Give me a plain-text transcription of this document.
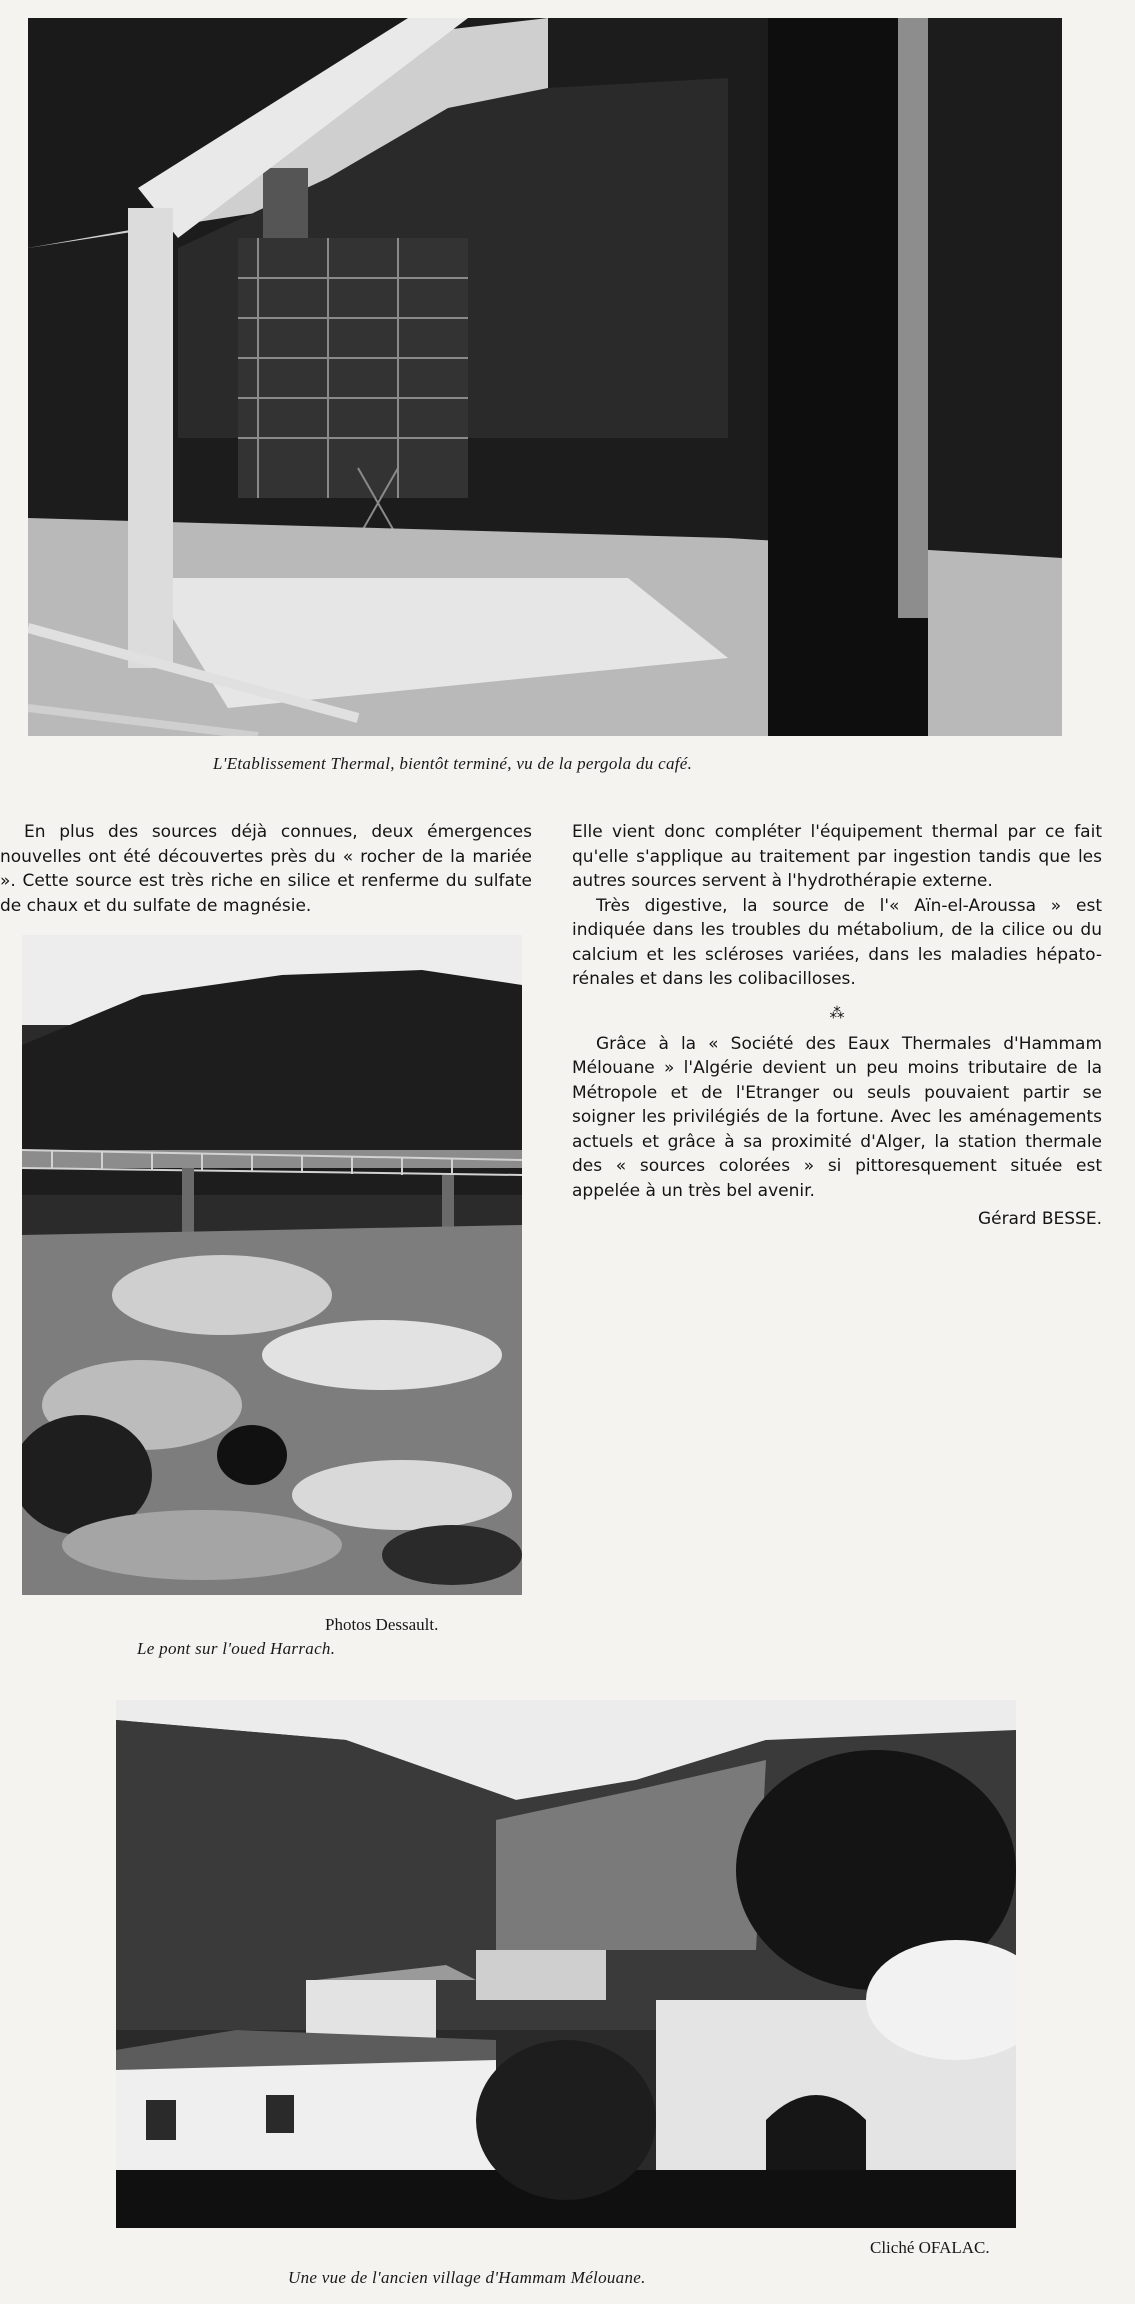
L'Etablissement Thermal, bientôt terminé, vu de la pergola du café.

En plus des sources déjà connues, deux émergences nouvelles ont été découvertes près du « rocher de la mariée ». Cette source est très riche en silice et renferme du sulfate de chaux et du sulfate de magnésie.

Elle vient donc compléter l'équipement thermal par ce fait qu'elle s'applique au traitement par ingestion tandis que les autres sources servent à l'hydrothérapie externe.

Très digestive, la source de l'« Aïn-el-Aroussa » est indiquée dans les troubles du métabolium, de la cilice ou du calcium et les scléroses variées, dans les maladies hépato-rénales et dans les colibacilloses.

⁂

Grâce à la « Société des Eaux Thermales d'Hammam Mélouane » l'Algérie devient un peu moins tributaire de la Métropole et de l'Etranger ou seuls pouvaient partir se soigner les privilégiés de la fortune. Avec les aménagements actuels et grâce à sa proximité d'Alger, la station thermale des « sources colorées » si pittoresquement située est appelée à un très bel avenir.

Gérard BESSE.
Photos Dessault.
Le pont sur l'oued Harrach.
Cliché OFALAC.
Une vue de l'ancien village d'Hammam Mélouane.
